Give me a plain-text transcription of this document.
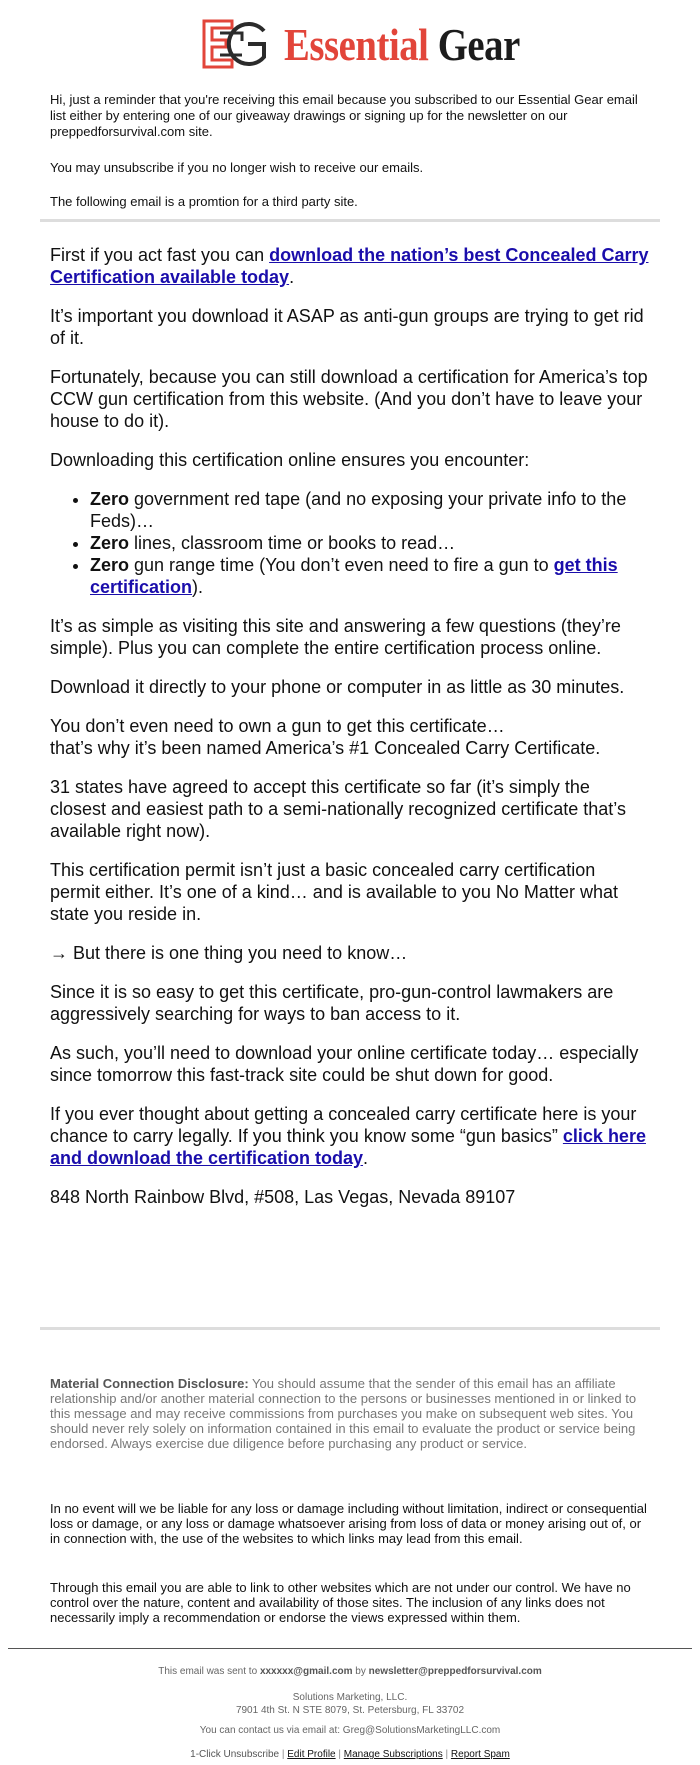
Essential Gear

Hi, just a reminder that you're receiving this email because you subscribed to our Essential Gear email list either by entering one of our giveaway drawings or signing up for the newsletter on our preppedforsurvival.com site.

You may unsubscribe if you no longer wish to receive our emails.

The following email is a promtion for a third party site.

First if you act fast you can download the nation’s best Concealed Carry Certification available today.

It’s important you download it ASAP as anti-gun groups are trying to get rid of it.

Fortunately, because you can still download a certification for America’s top CCW gun certification from this website. (And you don’t have to leave your house to do it).

Downloading this certification online ensures you encounter:

• Zero government red tape (and no exposing your private info to the Feds)…
• Zero lines, classroom time or books to read…
• Zero gun range time (You don’t even need to fire a gun to get this certification).

It’s as simple as visiting this site and answering a few questions (they’re simple). Plus you can complete the entire certification process online.

Download it directly to your phone or computer in as little as 30 minutes.

You don’t even need to own a gun to get this certificate…
that’s why it’s been named America’s #1 Concealed Carry Certificate.

31 states have agreed to accept this certificate so far (it’s simply the closest and easiest path to a semi-nationally recognized certificate that’s available right now).

This certification permit isn’t just a basic concealed carry certification permit either. It’s one of a kind… and is available to you No Matter what state you reside in.

→ But there is one thing you need to know…

Since it is so easy to get this certificate, pro-gun-control lawmakers are aggressively searching for ways to ban access to it.

As such, you’ll need to download your online certificate today… especially since tomorrow this fast-track site could be shut down for good.

If you ever thought about getting a concealed carry certificate here is your chance to carry legally. If you think you know some “gun basics” click here and download the certification today.

848 North Rainbow Blvd, #508, Las Vegas, Nevada 89107

Material Connection Disclosure: You should assume that the sender of this email has an affiliate relationship and/or another material connection to the persons or businesses mentioned in or linked to this message and may receive commissions from purchases you make on subsequent web sites. You should never rely solely on information contained in this email to evaluate the product or service being endorsed. Always exercise due diligence before purchasing any product or service.

In no event will we be liable for any loss or damage including without limitation, indirect or consequential loss or damage, or any loss or damage whatsoever arising from loss of data or money arising out of, or in connection with, the use of the websites to which links may lead from this email.

Through this email you are able to link to other websites which are not under our control. We have no control over the nature, content and availability of those sites. The inclusion of any links does not necessarily imply a recommendation or endorse the views expressed within them.

This email was sent to xxxxxx@gmail.com by newsletter@preppedforsurvival.com

Solutions Marketing, LLC.
7901 4th St. N STE 8079, St. Petersburg, FL 33702

You can contact us via email at: Greg@SolutionsMarketingLLC.com

1-Click Unsubscribe | Edit Profile | Manage Subscriptions | Report Spam
